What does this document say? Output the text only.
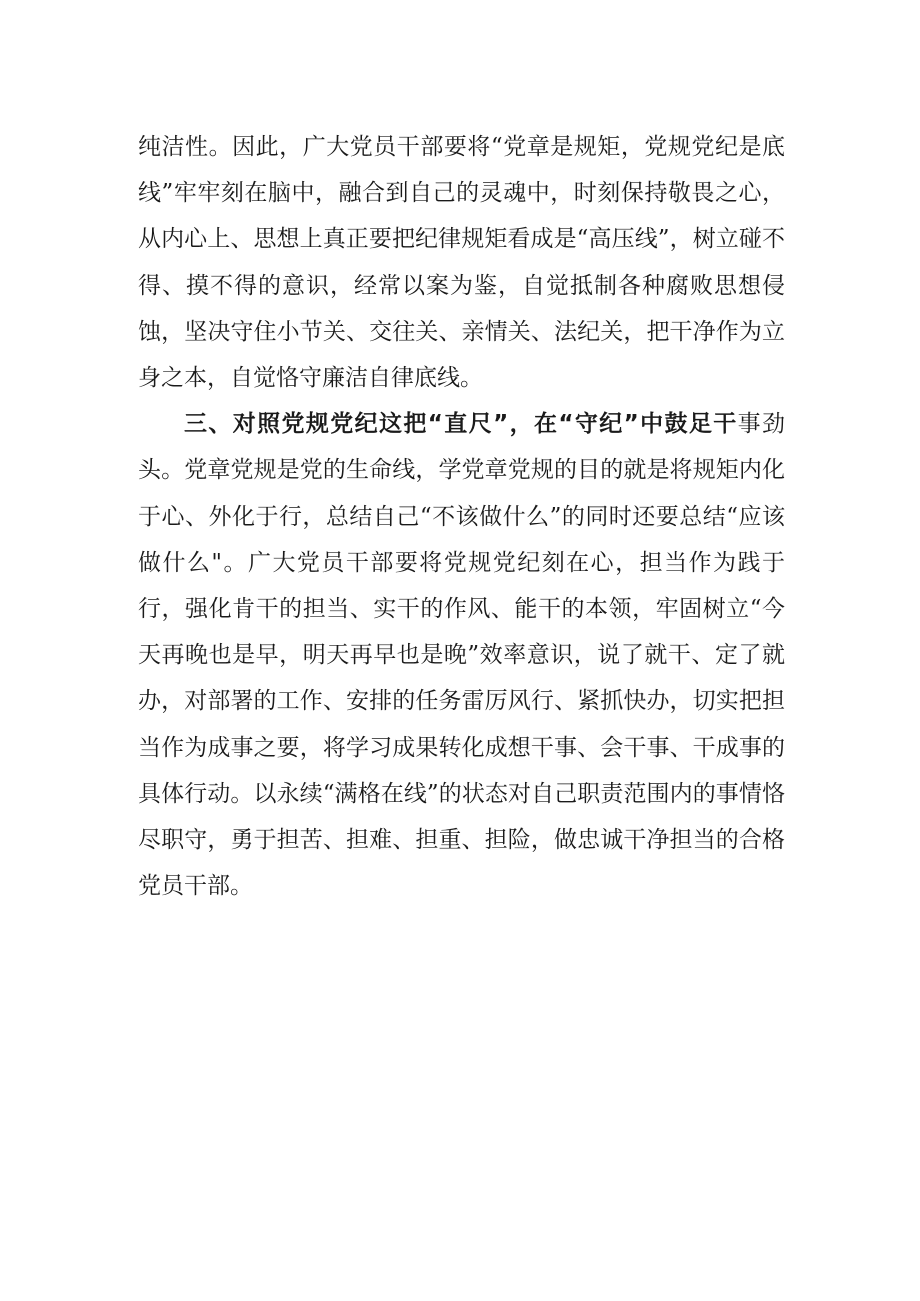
纯洁性。因此，广大党员干部要将“党章是规矩，党规党纪是底线”牢牢刻在脑中，融合到自己的灵魂中，时刻保持敬畏之心，从内心上、思想上真正要把纪律规矩看成是“高压线”，树立碰不得、摸不得的意识，经常以案为鉴，自觉抵制各种腐败思想侵蚀，坚决守住小节关、交往关、亲情关、法纪关，把干净作为立身之本，自觉恪守廉洁自律底线。

三、对照党规党纪这把“直尺”，在“守纪”中鼓足干事劲头。党章党规是党的生命线，学党章党规的目的就是将规矩内化于心、外化于行，总结自己“不该做什么”的同时还要总结“应该做什么"。广大党员干部要将党规党纪刻在心，担当作为践于行，强化肯干的担当、实干的作风、能干的本领，牢固树立“今天再晚也是早，明天再早也是晚”效率意识，说了就干、定了就办，对部署的工作、安排的任务雷厉风行、紧抓快办，切实把担当作为成事之要，将学习成果转化成想干事、会干事、干成事的具体行动。以永续“满格在线”的状态对自己职责范围内的事情恪尽职守，勇于担苦、担难、担重、担险，做忠诚干净担当的合格党员干部。
